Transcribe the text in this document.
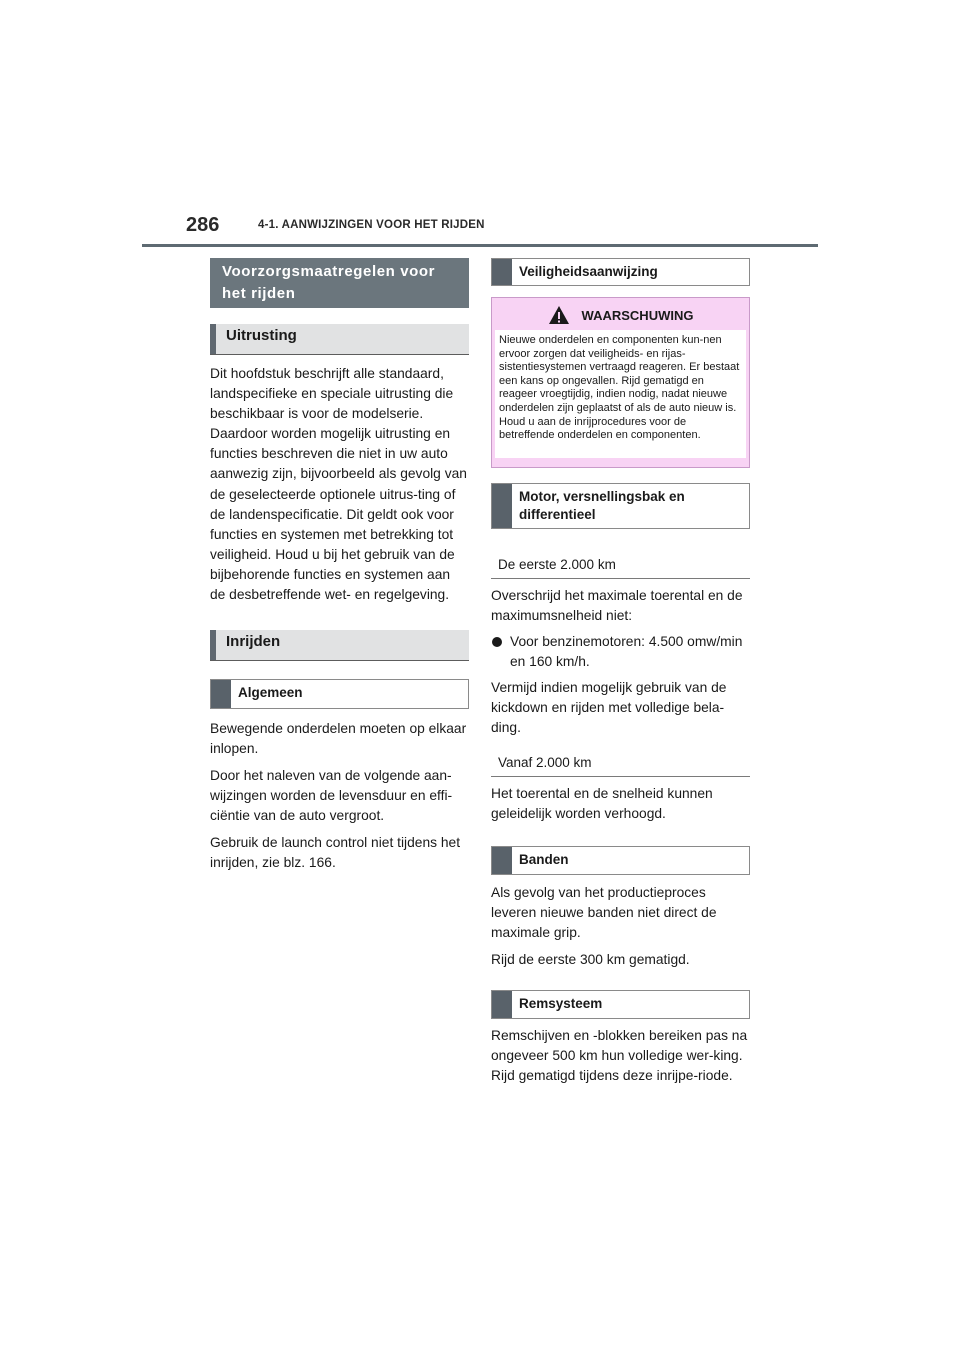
286	4-1. AANWIJZINGEN VOOR HET RIJDEN
Voorzorgsmaatregelen voor het rijden
Uitrusting

Dit hoofdstuk beschrijft alle standaard, landspecifieke en speciale uitrusting die beschikbaar is voor de modelserie. Daardoor worden mogelijk uitrusting en functies beschreven die niet in uw auto aanwezig zijn, bijvoorbeeld als gevolg van de geselecteerde optionele uitrus-ting of de landenspecificatie. Dit geldt ook voor functies en systemen met betrekking tot veiligheid. Houd u bij het gebruik van de bijbehorende functies en systemen aan de desbetreffende wet- en regelgeving.

Inrijden
Algemeen

Bewegende onderdelen moeten op elkaar inlopen.

Door het naleven van de volgende aan-wijzingen worden de levensduur en effi-ciëntie van de auto vergroot.

Gebruik de launch control niet tijdens het inrijden, zie blz. 166.

Veiligheidsaanwijzing
WAARSCHUWING
Nieuwe onderdelen en componenten kun-nen ervoor zorgen dat veiligheids- en rijas-sistentiesystemen vertraagd reageren. Er bestaat een kans op ongevallen. Rijd gematigd en reageer vroegtijdig, indien nodig, nadat nieuwe onderdelen zijn geplaatst of als de auto nieuw is. Houd u aan de inrijprocedures voor de betreffende onderdelen en componenten.
Motor, versnellingsbak en differentieel
De eerste 2.000 km

Overschrijd het maximale toerental en de maximumsnelheid niet:

Voor benzinemotoren: 4.500 omw/min en 160 km/h.

Vermijd indien mogelijk gebruik van de kickdown en rijden met volledige bela-ding.

Vanaf 2.000 km

Het toerental en de snelheid kunnen geleidelijk worden verhoogd.

Banden

Als gevolg van het productieproces leveren nieuwe banden niet direct de maximale grip.

Rijd de eerste 300 km gematigd.

Remsysteem

Remschijven en -blokken bereiken pas na ongeveer 500 km hun volledige wer-king. Rijd gematigd tijdens deze inrijpe-riode.
